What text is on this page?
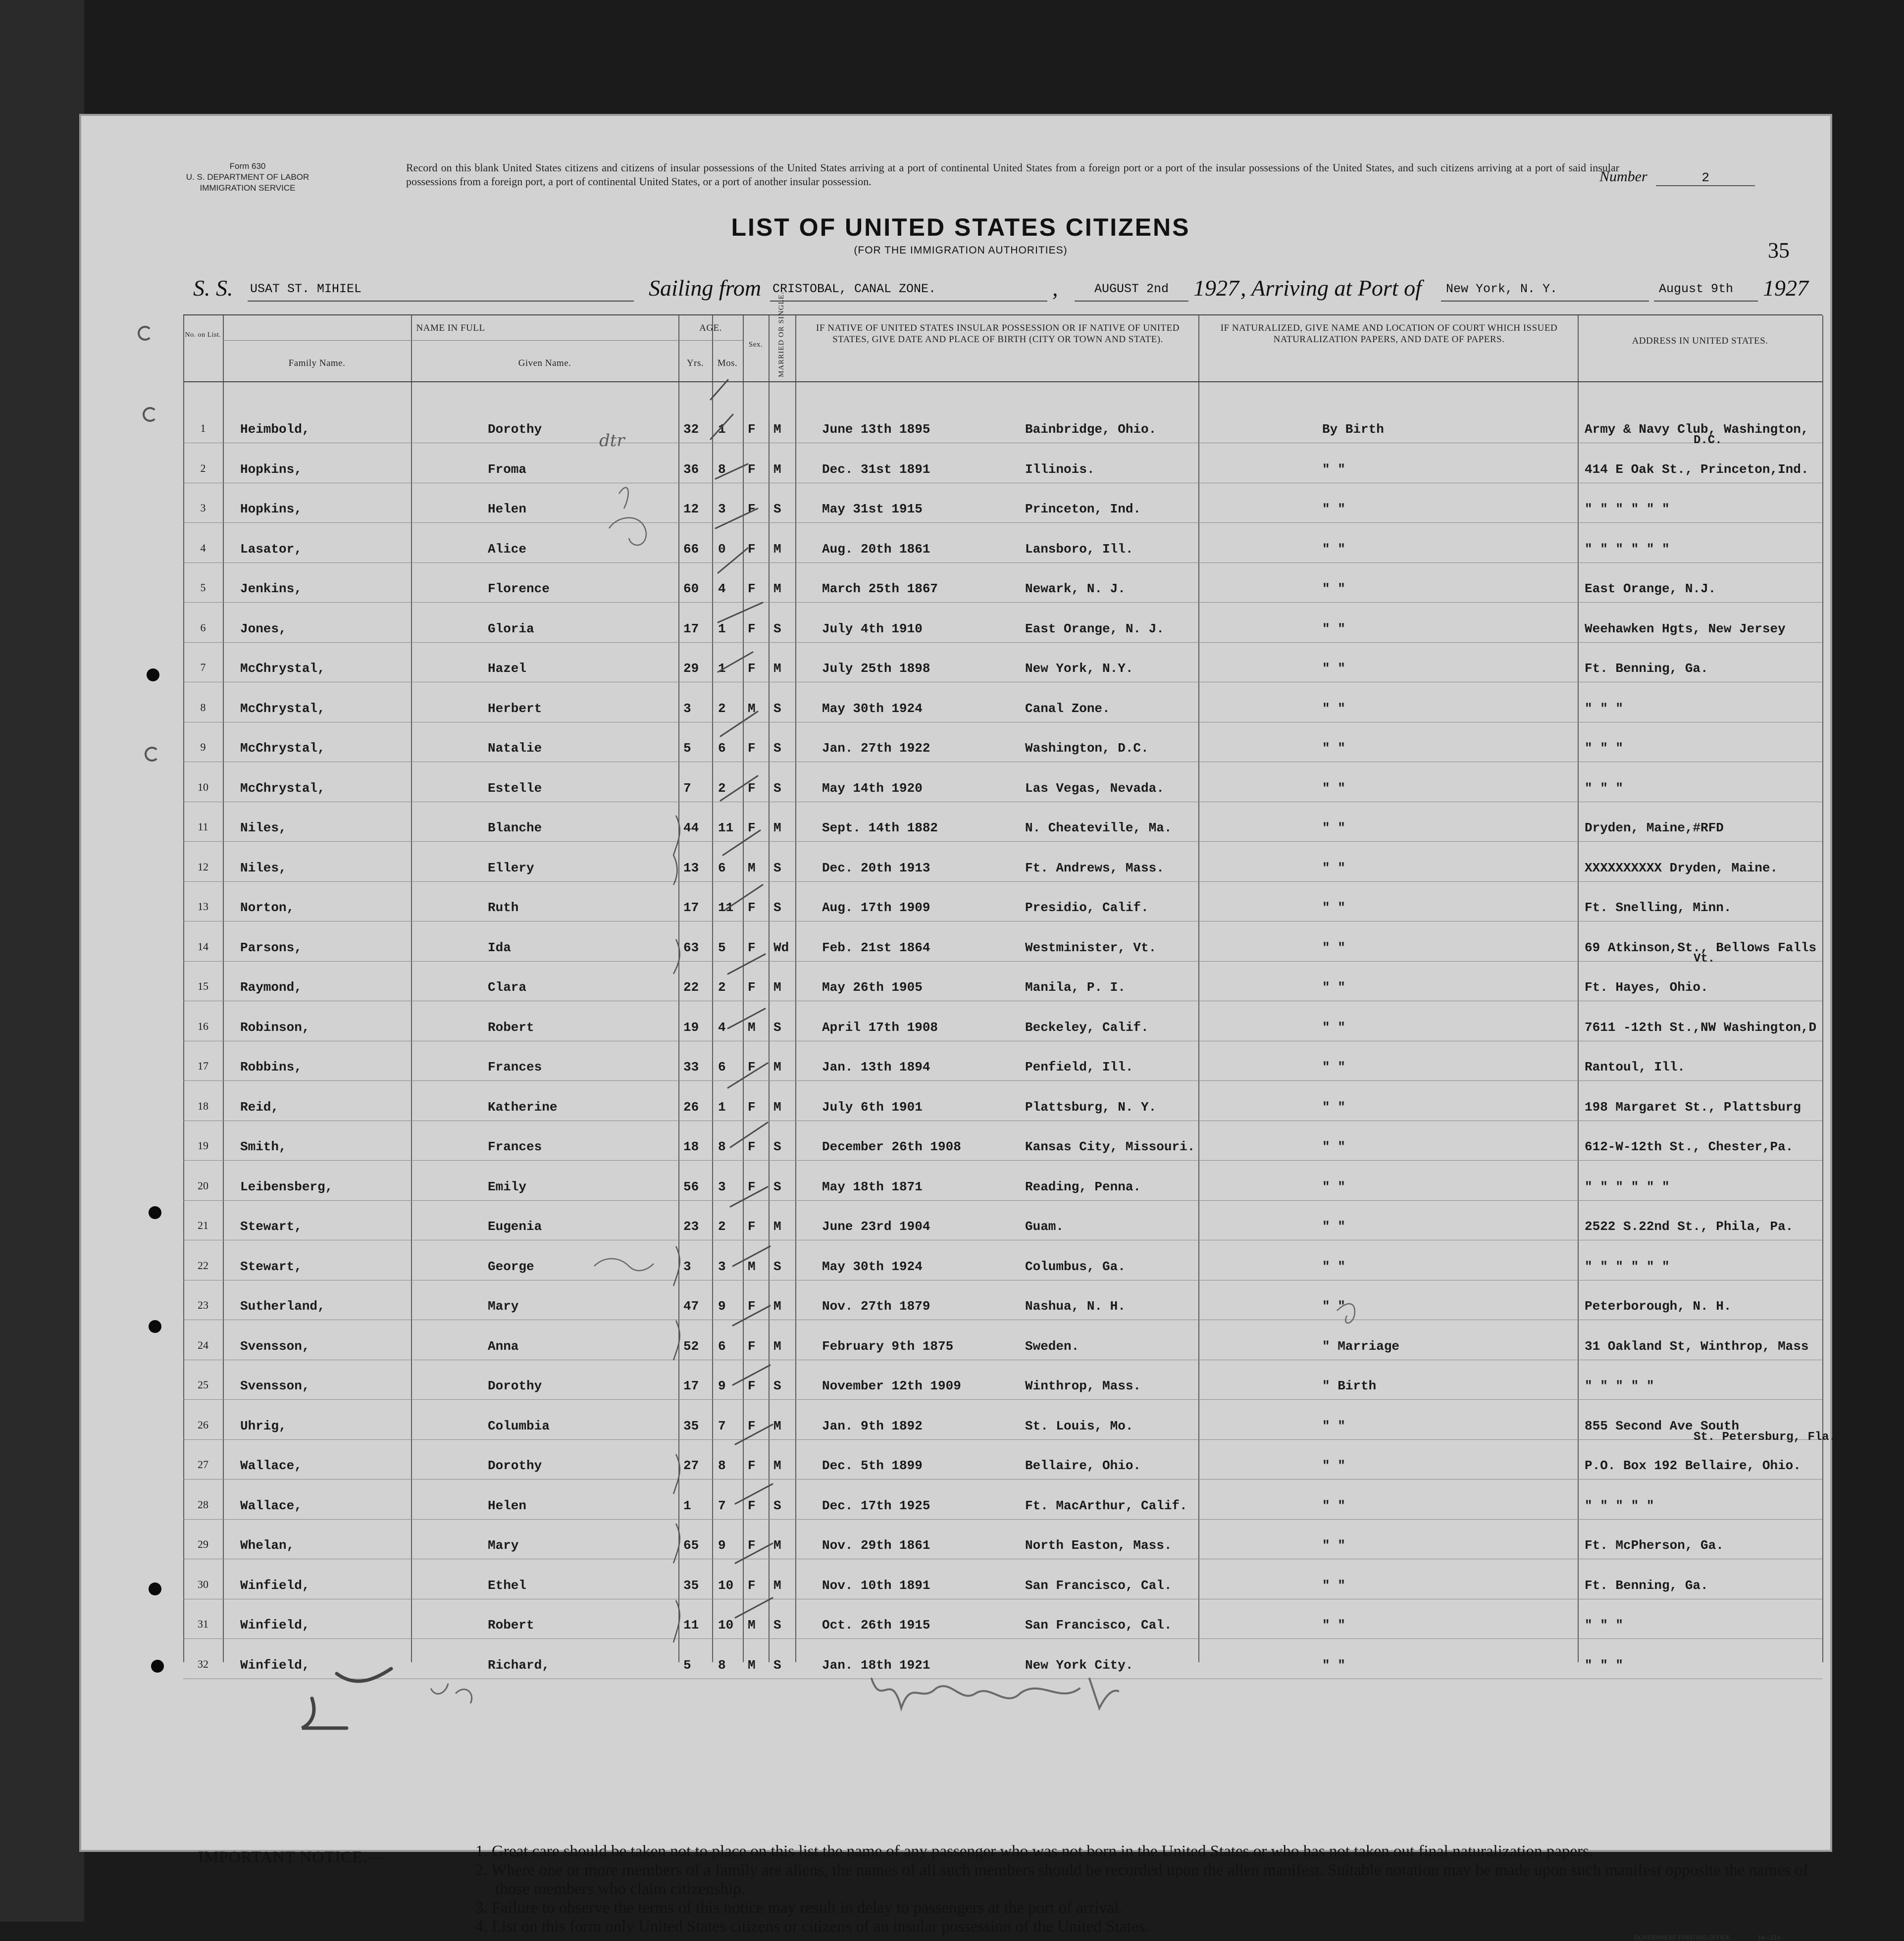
Form 630
U. S. DEPARTMENT OF LABOR
IMMIGRATION SERVICE
Record on this blank United States citizens and citizens of insular possessions of the United States arriving at a port of continental United States from a foreign port or a port of the insular possessions of the United States, and such citizens arriving at a port of said insular possessions from a foreign port, a port of continental United States, or a port of another insular possession.	Number	2
35
LIST OF UNITED STATES CITIZENS
(FOR THE IMMIGRATION AUTHORITIES)
S. S. USAT ST. MIHIEL	Sailing from CRISTOBAL, CANAL ZONE.	,	AUGUST 2nd 1927 , Arriving at Port of New York, N. Y.	August 9th 1927
No. on List.
NAME IN FULL
Family Name.	Given Name.
AGE.
Yrs.	Mos.
Sex.	MARRIED OR SINGLE.	IF NATIVE OF UNITED STATES INSULAR POSSESSION OR IF NATIVE OF UNITED STATES, GIVE DATE AND PLACE OF BIRTH (CITY OR TOWN AND STATE).
IF NATURALIZED, GIVE NAME AND LOCATION OF COURT WHICH ISSUED NATURALIZATION PAPERS, AND DATE OF PAPERS.	ADDRESS IN UNITED STATES.
1	Heimbold,	Dorothy	32 1 F M	June 13th 1895	Bainbridge, Ohio.	By Birth	Army & Navy Club, Washington,
D.C.
2	Hopkins,	Froma	36 8 F M	Dec. 31st 1891	Illinois.	" "	414 E Oak St., Princeton,Ind.
3	Hopkins,	Helen	12 3 F S	May 31st 1915	Princeton, Ind.	" "	" " " " " "
4	Lasator,	Alice	66 0 F M	Aug. 20th 1861	Lansboro, Ill.	" "	" " " " " "
5	Jenkins,	Florence	60 4 F M	March 25th 1867	Newark, N. J.	" "	East Orange, N.J.
6	Jones,	Gloria	17 1 F S	July 4th 1910	East Orange, N. J.	" "	Weehawken Hgts, New Jersey
7	McChrystal,	Hazel	29 1 F M	July 25th 1898	New York, N.Y.	" "	Ft. Benning, Ga.
8	McChrystal,	Herbert	3 2 M S	May 30th 1924	Canal Zone.	" "	" " "
9	McChrystal,	Natalie	5 6 F S	Jan. 27th 1922	Washington, D.C.	" "	" " "
10	McChrystal,	Estelle	7 2 F S	May 14th 1920	Las Vegas, Nevada.	" "	" " "
11	Niles,	Blanche	44 11 F M	Sept. 14th 1882	N. Cheateville, Ma.	" "	Dryden, Maine,#RFD
12	Niles,	Ellery	13 6 M S	Dec. 20th 1913	Ft. Andrews, Mass.	" "	XXXXXXXXXX Dryden, Maine.
13	Norton,	Ruth	17 11 F S	Aug. 17th 1909	Presidio, Calif.	" "	Ft. Snelling, Minn.
14	Parsons,	Ida	63 5 F Wd	Feb. 21st 1864	Westminister, Vt.	" "	69 Atkinson,St., Bellows Falls
Vt.
15	Raymond,	Clara	22 2 F M	May 26th 1905	Manila, P. I.	" "	Ft. Hayes, Ohio.
16	Robinson,	Robert	19 4 M S	April 17th 1908	Beckeley, Calif.	" "	7611 -12th St.,NW Washington,D
17	Robbins,	Frances	33 6 F M	Jan. 13th 1894	Penfield, Ill.	" "	Rantoul, Ill.
18	Reid,	Katherine	26 1 F M	July 6th 1901	Plattsburg, N. Y.	" "	198 Margaret St., Plattsburg
19	Smith,	Frances	18 8 F S	December 26th 1908	Kansas City, Missouri.	" "	612-W-12th St., Chester,Pa.
20	Leibensberg,	Emily	56 3 F S	May 18th 1871	Reading, Penna.	" "	" " " " " "
21	Stewart,	Eugenia	23 2 F M	June 23rd 1904	Guam.	" "	2522 S.22nd St., Phila, Pa.
22	Stewart,	George	3 3 M S	May 30th 1924	Columbus, Ga.	" "	" " " " " "
23	Sutherland,	Mary	47 9 F M	Nov. 27th 1879	Nashua, N. H.	" "	Peterborough, N. H.
24	Svensson,	Anna	52 6 F M	February 9th 1875	Sweden.	" Marriage	31 Oakland St, Winthrop, Mass
25	Svensson,	Dorothy	17 9 F S	November 12th 1909	Winthrop, Mass.	" Birth	" " " " "
26	Uhrig,	Columbia	35 7 F M	Jan. 9th 1892	St. Louis, Mo.	" "	855 Second Ave South
St. Petersburg, Fla.
27	Wallace,	Dorothy	27 8 F M	Dec. 5th 1899	Bellaire, Ohio.	" "	P.O. Box 192 Bellaire, Ohio.
28	Wallace,	Helen	1 7 F S	Dec. 17th 1925	Ft. MacArthur, Calif.	" "	" " " " "
29	Whelan,	Mary	65 9 F M	Nov. 29th 1861	North Easton, Mass.	" "	Ft. McPherson, Ga.
30	Winfield,	Ethel	35 10 F M	Nov. 10th 1891	San Francisco, Cal.	" "	Ft. Benning, Ga.
31	Winfield,	Robert	11 10 M S	Oct. 26th 1915	San Francisco, Cal.	" "	" " "
32	Winfield,	Richard,	5 8 M S	Jan. 18th 1921	New York City.	" "	" " "
dtr
IMPORTANT NOTICE.—	1. Great care should be taken not to place on this list the name of any passenger who was not born in the United States or who has not taken out final naturalization papers.
2. Where one or more members of a family are aliens, the names of all such members should be recorded upon the alien manifest. Suitable notation may be made upon such manifest opposite the names of those members who claim citizenship.
3. Failure to observe the terms of this notice may result in delay to passengers at the port of arrival.
4. List on this form only United States citizens or citizens of an insular possession of the United States.
GOVERNMENT PRINTING OFFICE	14—214
